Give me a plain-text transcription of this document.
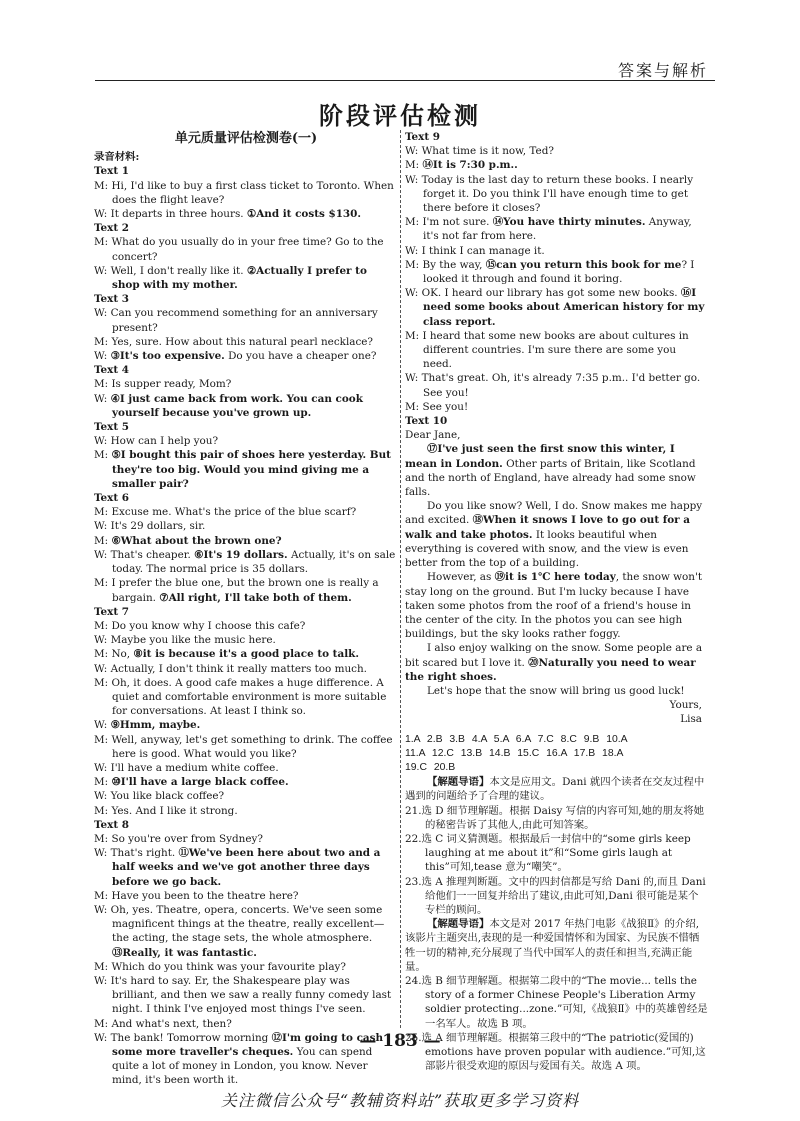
答案与解析
阶段评估检测
单元质量评估检测卷(一)
录音材料:
Text 1
M: Hi, I'd like to buy a first class ticket to Toronto. When does the flight leave?
W: It departs in three hours. ①And it costs $130.
Text 2
M: What do you usually do in your free time? Go to the concert?
W: Well, I don't really like it. ②Actually I prefer to shop with my mother.
Text 3
W: Can you recommend something for an anniversary present?
M: Yes, sure. How about this natural pearl necklace?
W: ③It's too expensive. Do you have a cheaper one?
Text 4
M: Is supper ready, Mom?
W: ④I just came back from work. You can cook yourself because you've grown up.
Text 5
W: How can I help you?
M: ⑤I bought this pair of shoes here yesterday. But they're too big. Would you mind giving me a smaller pair?
Text 6
M: Excuse me. What's the price of the blue scarf?
W: It's 29 dollars, sir.
M: ⑥What about the brown one?
W: That's cheaper. ⑥It's 19 dollars. Actually, it's on sale today. The normal price is 35 dollars.
M: I prefer the blue one, but the brown one is really a bargain. ⑦All right, I'll take both of them.
Text 7
M: Do you know why I choose this cafe?
W: Maybe you like the music here.
M: No, ⑧it is because it's a good place to talk.
W: Actually, I don't think it really matters too much.
M: Oh, it does. A good cafe makes a huge difference. A quiet and comfortable environment is more suitable for conversations. At least I think so.
W: ⑨Hmm, maybe.
M: Well, anyway, let's get something to drink. The coffee here is good. What would you like?
W: I'll have a medium white coffee.
M: ⑩I'll have a large black coffee.
W: You like black coffee?
M: Yes. And I like it strong.
Text 8
M: So you're over from Sydney?
W: That's right. ⑪We've been here about two and a half weeks and we've got another three days before we go back.
M: Have you been to the theatre here?
W: Oh, yes. Theatre, opera, concerts. We've seen some magnificent things at the theatre, really excellent—the acting, the stage sets, the whole atmosphere. ⑬Really, it was fantastic.
M: Which do you think was your favourite play?
W: It's hard to say. Er, the Shakespeare play was brilliant, and then we saw a really funny comedy last night. I think I've enjoyed most things I've seen.
M: And what's next, then?
W: The bank! Tomorrow morning ⑫I'm going to cash some more traveller's cheques. You can spend quite a lot of money in London, you know. Never mind, it's been worth it.
Text 9
W: What time is it now, Ted?
M: ⑭It is 7:30 p.m..
W: Today is the last day to return these books. I nearly forget it. Do you think I'll have enough time to get there before it closes?
M: I'm not sure. ⑭You have thirty minutes. Anyway, it's not far from here.
W: I think I can manage it.
M: By the way, ⑮can you return this book for me? I looked it through and found it boring.
W: OK. I heard our library has got some new books. ⑯I need some books about American history for my class report.
M: I heard that some new books are about cultures in different countries. I'm sure there are some you need.
W: That's great. Oh, it's already 7:35 p.m.. I'd better go. See you!
M: See you!
Text 10
Dear Jane,
⑰I've just seen the first snow this winter, I mean in London. Other parts of Britain, like Scotland and the north of England, have already had some snow falls.
Do you like snow? Well, I do. Snow makes me happy and excited. ⑱When it snows I love to go out for a walk and take photos. It looks beautiful when everything is covered with snow, and the view is even better from the top of a building.
However, as ⑲it is 1℃ here today, the snow won't stay long on the ground. But I'm lucky because I have taken some photos from the roof of a friend's house in the center of the city. In the photos you can see high buildings, but the sky looks rather foggy.
I also enjoy walking on the snow. Some people are a bit scared but I love it. ⑳Naturally you need to wear the right shoes.
Let's hope that the snow will bring us good luck!
Yours,
Lisa
1.A 2.B 3.B 4.A 5.A 6.A 7.C 8.C 9.B 10.A
11.A 12.C 13.B 14.B 15.C 16.A 17.B 18.A
19.C 20.B
【解题导语】本文是应用文。Dani 就四个读者在交友过程中遇到的问题给予了合理的建议。
21.选 D 细节理解题。根据 Daisy 写信的内容可知,她的朋友将她的秘密告诉了其他人,由此可知答案。
22.选 C 词义猜测题。根据最后一封信中的“some girls keep laughing at me about it”和“Some girls laugh at this”可知,tease 意为“嘲笑”。
23.选 A 推理判断题。文中的四封信都是写给 Dani 的,而且 Dani 给他们一一回复并给出了建议,由此可知,Dani 很可能是某个专栏的顾问。
【解题导语】本文是对 2017 年热门电影《战狼Ⅱ》的介绍,该影片主题突出,表现的是一种爱国情怀和为国家、为民族不惜牺牲一切的精神,充分展现了当代中国军人的责任和担当,充满正能量。
24.选 B 细节理解题。根据第二段中的“The movie... tells the story of a former Chinese People's Liberation Army soldier protecting...zone.”可知,《战狼Ⅱ》中的英雄曾经是一名军人。故选 B 项。
25.选 A 细节理解题。根据第三段中的“The patriotic(爱国的) emotions have proven popular with audience.”可知,这部影片很受欢迎的原因与爱国有关。故选 A 项。
— 183 —
关注微信公众号“教辅资料站”获取更多学习资料
